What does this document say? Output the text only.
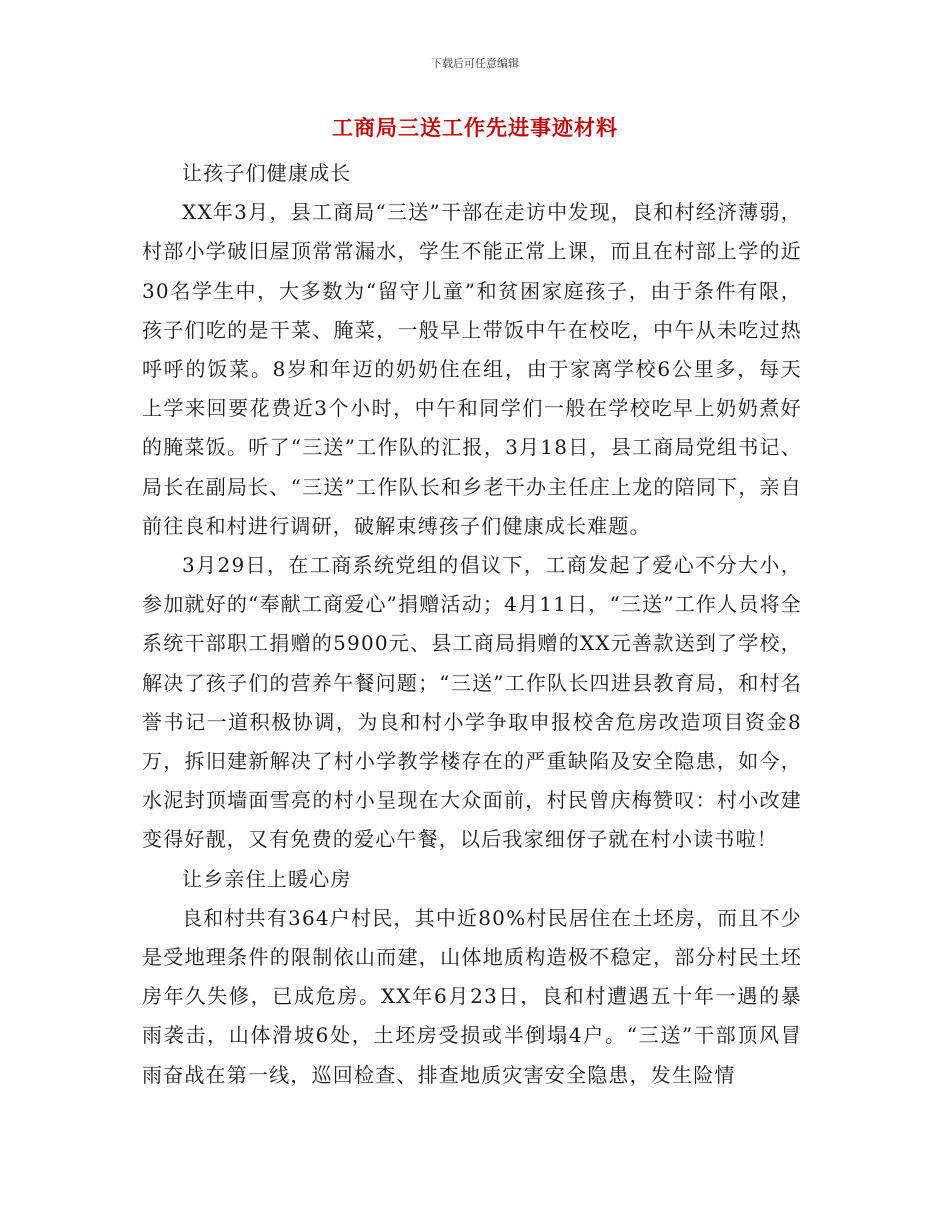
下载后可任意编辑
工商局三送工作先进事迹材料

让孩子们健康成长

XX年3月，县工商局“三送”干部在走访中发现，良和村经济薄弱，村部小学破旧屋顶常常漏水，学生不能正常上课，而且在村部上学的近30名学生中，大多数为“留守儿童”和贫困家庭孩子，由于条件有限，孩子们吃的是干菜、腌菜，一般早上带饭中午在校吃，中午从未吃过热呼呼的饭菜。8岁和年迈的奶奶住在组，由于家离学校6公里多，每天上学来回要花费近3个小时，中午和同学们一般在学校吃早上奶奶煮好的腌菜饭。听了“三送”工作队的汇报，3月18日，县工商局党组书记、局长在副局长、“三送”工作队长和乡老干办主任庄上龙的陪同下，亲自前往良和村进行调研，破解束缚孩子们健康成长难题。

3月29日，在工商系统党组的倡议下，工商发起了爱心不分大小，参加就好的“奉献工商爱心”捐赠活动；4月11日，“三送”工作人员将全系统干部职工捐赠的5900元、县工商局捐赠的XX元善款送到了学校，解决了孩子们的营养午餐问题；“三送”工作队长四进县教育局，和村名誉书记一道积极协调，为良和村小学争取申报校舍危房改造项目资金8万，拆旧建新解决了村小学教学楼存在的严重缺陷及安全隐患，如今，水泥封顶墙面雪亮的村小呈现在大众面前，村民曾庆梅赞叹：村小改建变得好靓，又有免费的爱心午餐，以后我家细伢子就在村小读书啦！

让乡亲住上暖心房

良和村共有364户村民，其中近80%村民居住在土坯房，而且不少是受地理条件的限制依山而建，山体地质构造极不稳定，部分村民土坯房年久失修，已成危房。XX年6月23日，良和村遭遇五十年一遇的暴雨袭击，山体滑坡6处，土坯房受损或半倒塌4户。“三送”干部顶风冒雨奋战在第一线，巡回检查、排查地质灾害安全隐患，发生险情
